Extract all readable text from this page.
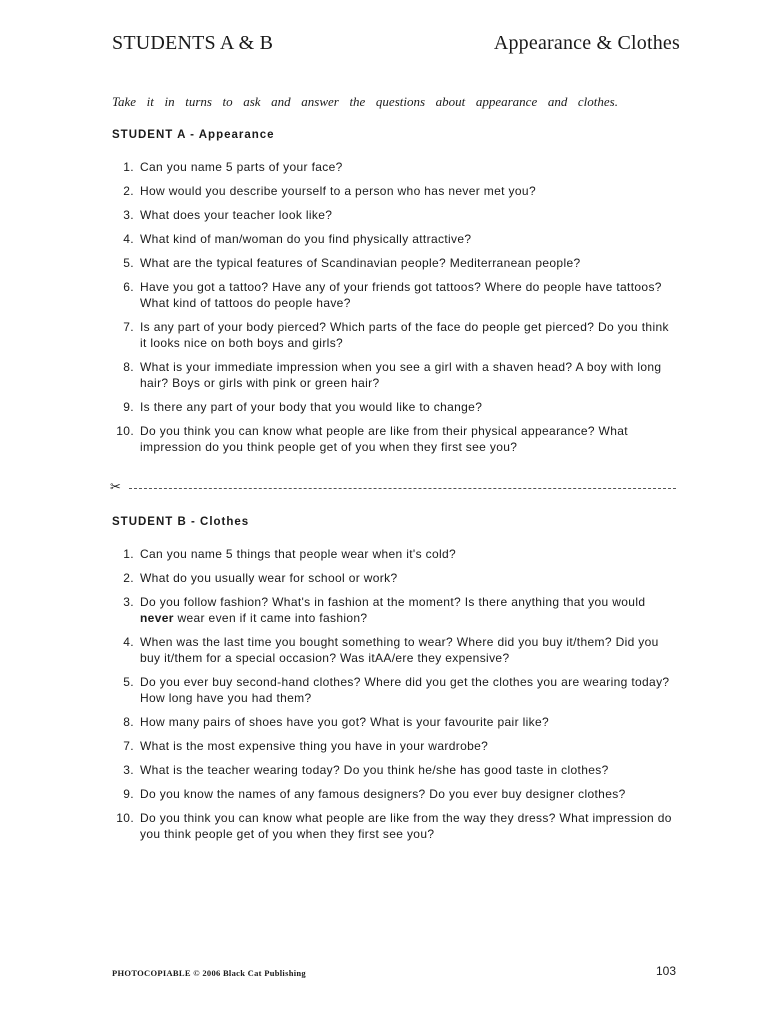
STUDENTS A & B	Appearance & Clothes
Take it in turns to ask and answer the questions about appearance and clothes.
STUDENT A - Appearance
1. Can you name 5 parts of your face?
2. How would you describe yourself to a person who has never met you?
3. What does your teacher look like?
4. What kind of man/woman do you find physically attractive?
5. What are the typical features of Scandinavian people? Mediterranean people?
6. Have you got a tattoo? Have any of your friends got tattoos? Where do people have tattoos? What kind of tattoos do people have?
7. Is any part of your body pierced? Which parts of the face do people get pierced? Do you think it looks nice on both boys and girls?
8. What is your immediate impression when you see a girl with a shaven head? A boy with long hair? Boys or girls with pink or green hair?
9. Is there any part of your body that you would like to change?
10. Do you think you can know what people are like from their physical appearance? What impression do you think people get of you when they first see you?
✂
STUDENT B - Clothes
1. Can you name 5 things that people wear when it's cold?
2. What do you usually wear for school or work?
3. Do you follow fashion? What's in fashion at the moment? Is there anything that you would never wear even if it came into fashion?
4. When was the last time you bought something to wear? Where did you buy it/them? Did you buy it/them for a special occasion? Was itAA/ere they expensive?
5. Do you ever buy second-hand clothes? Where did you get the clothes you are wearing today? How long have you had them?
8. How many pairs of shoes have you got? What is your favourite pair like?
7. What is the most expensive thing you have in your wardrobe?
3. What is the teacher wearing today? Do you think he/she has good taste in clothes?
9. Do you know the names of any famous designers? Do you ever buy designer clothes?
10. Do you think you can know what people are like from the way they dress? What impression do you think people get of you when they first see you?
PHOTOCOPIABLE © 2006 Black Cat Publishing	103
